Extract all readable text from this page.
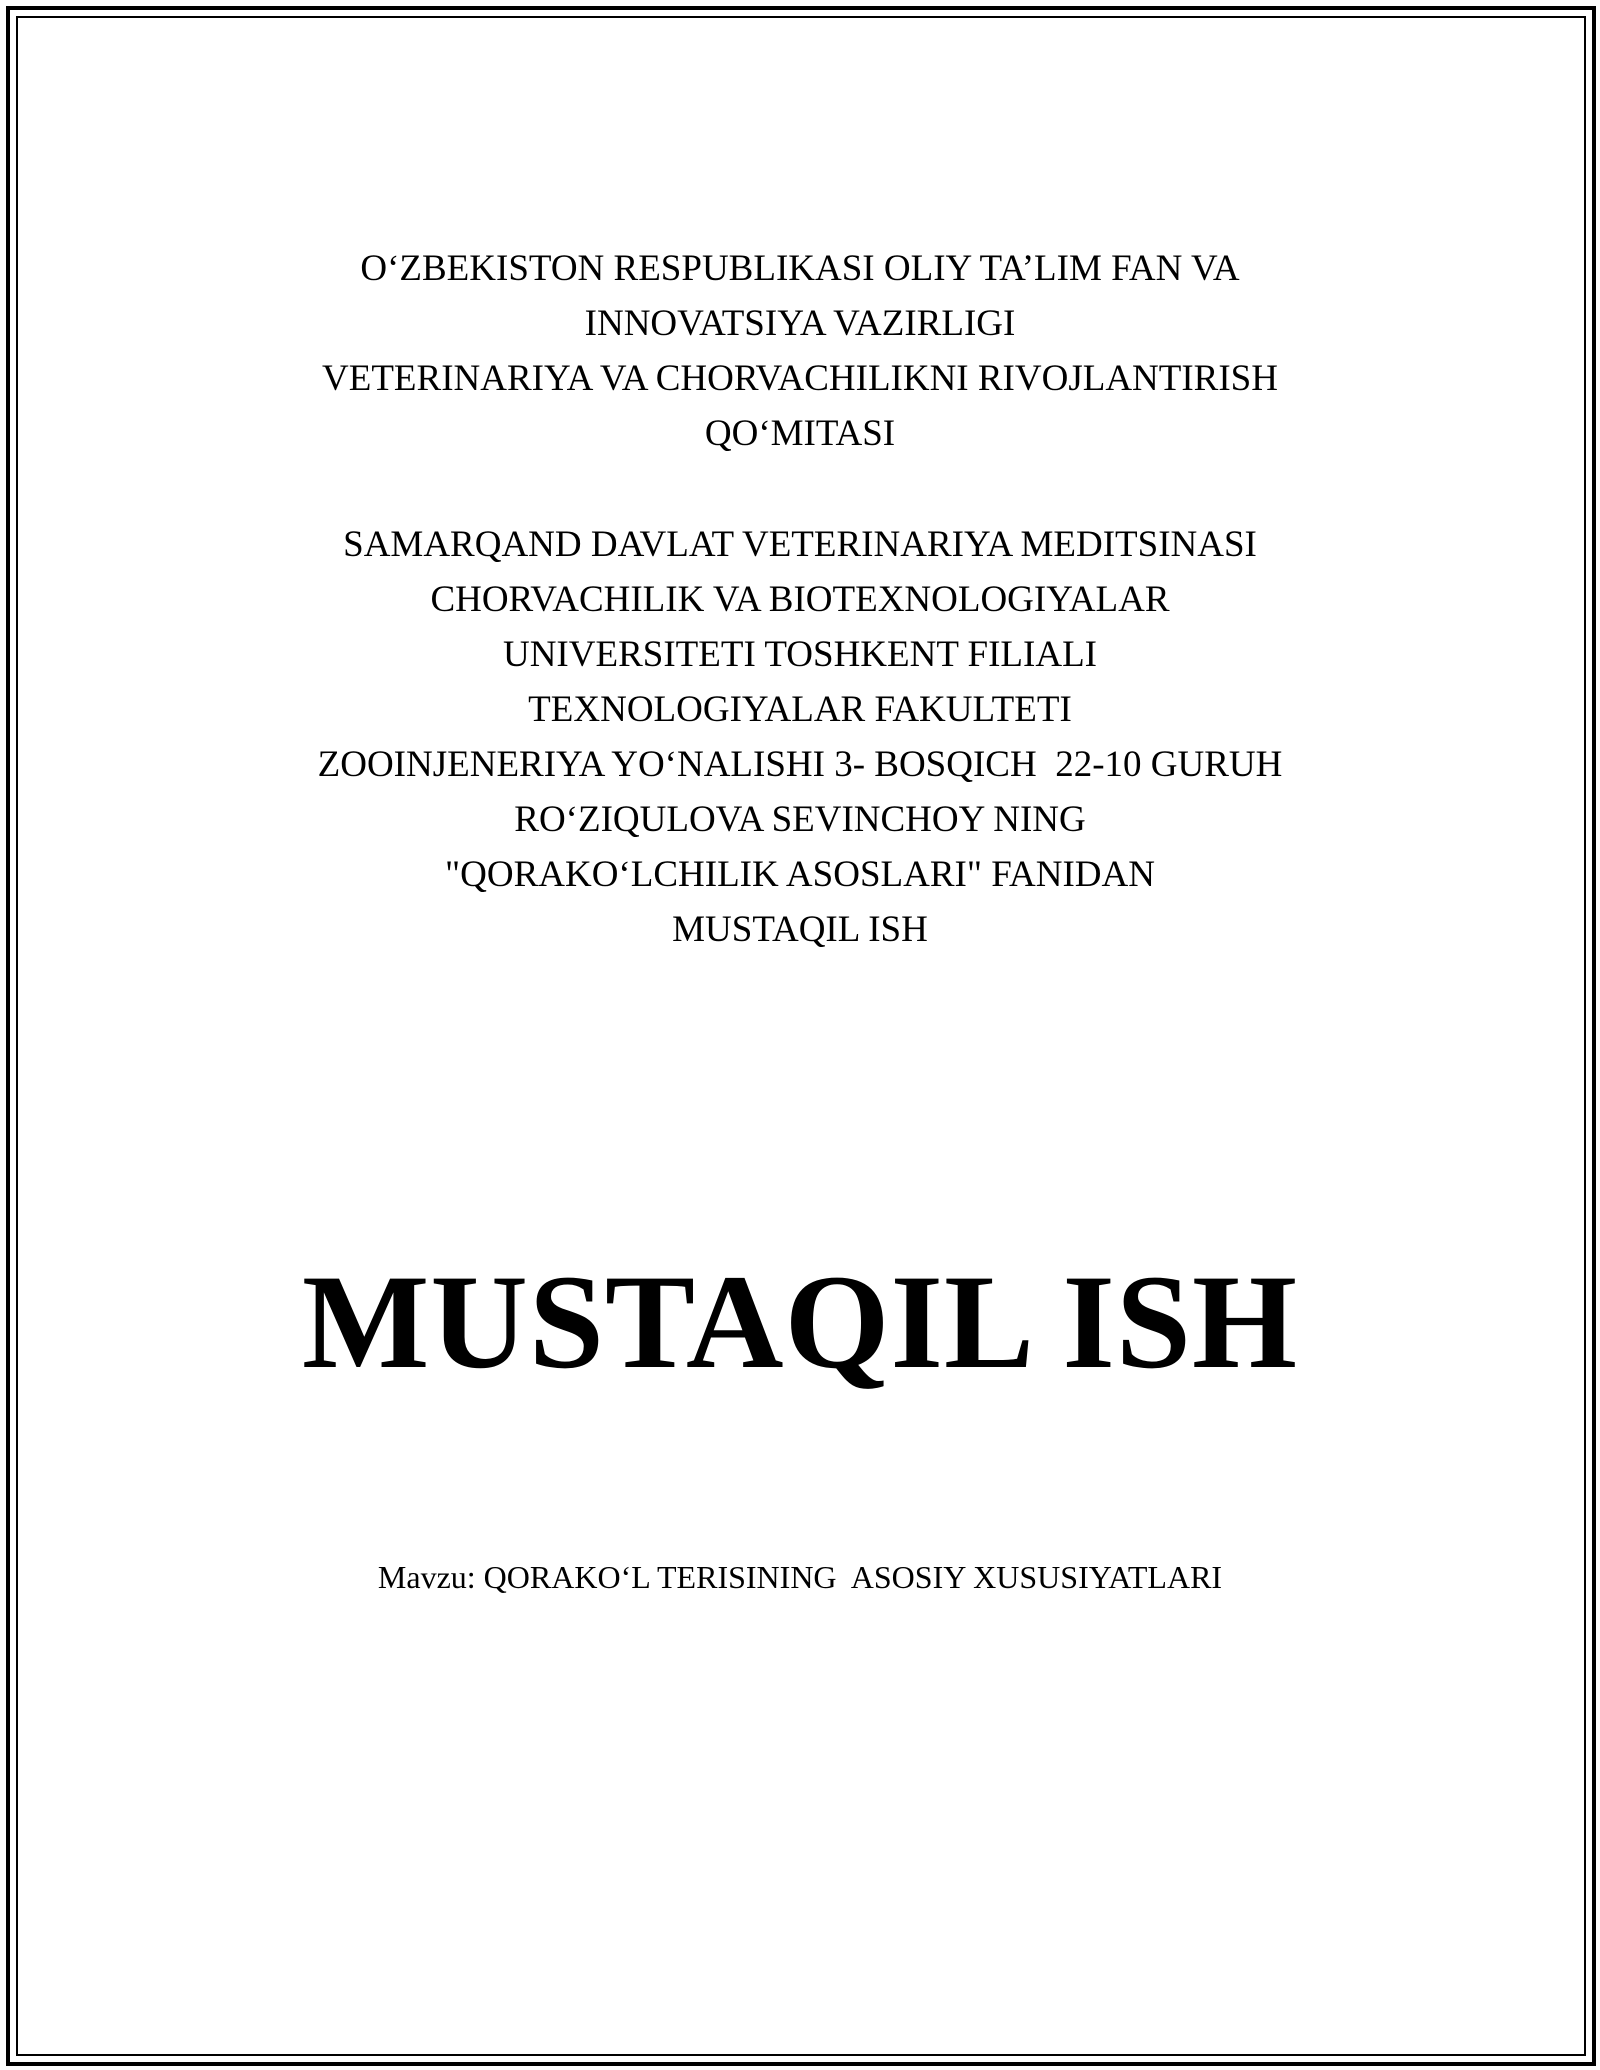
O‘ZBEKISTON RESPUBLIKASI OLIY TA’LIM FAN VA
INNOVATSIYA VAZIRLIGI
VETERINARIYA VA CHORVACHILIKNI RIVOJLANTIRISH
QO‘MITASI
SAMARQAND DAVLAT VETERINARIYA MEDITSINASI
CHORVACHILIK VA BIOTEXNOLOGIYALAR
UNIVERSITETI TOSHKENT FILIALI
TEXNOLOGIYALAR FAKULTETI
ZOOINJENERIYA YO‘NALISHI 3- BOSQICH  22-10 GURUH
RO‘ZIQULOVA SEVINCHOY NING
"QORAKO‘LCHILIK ASOSLARI" FANIDAN
MUSTAQIL ISH
MUSTAQIL ISH
Mavzu: QORAKO‘L TERISINING  ASOSIY XUSUSIYATLARI
